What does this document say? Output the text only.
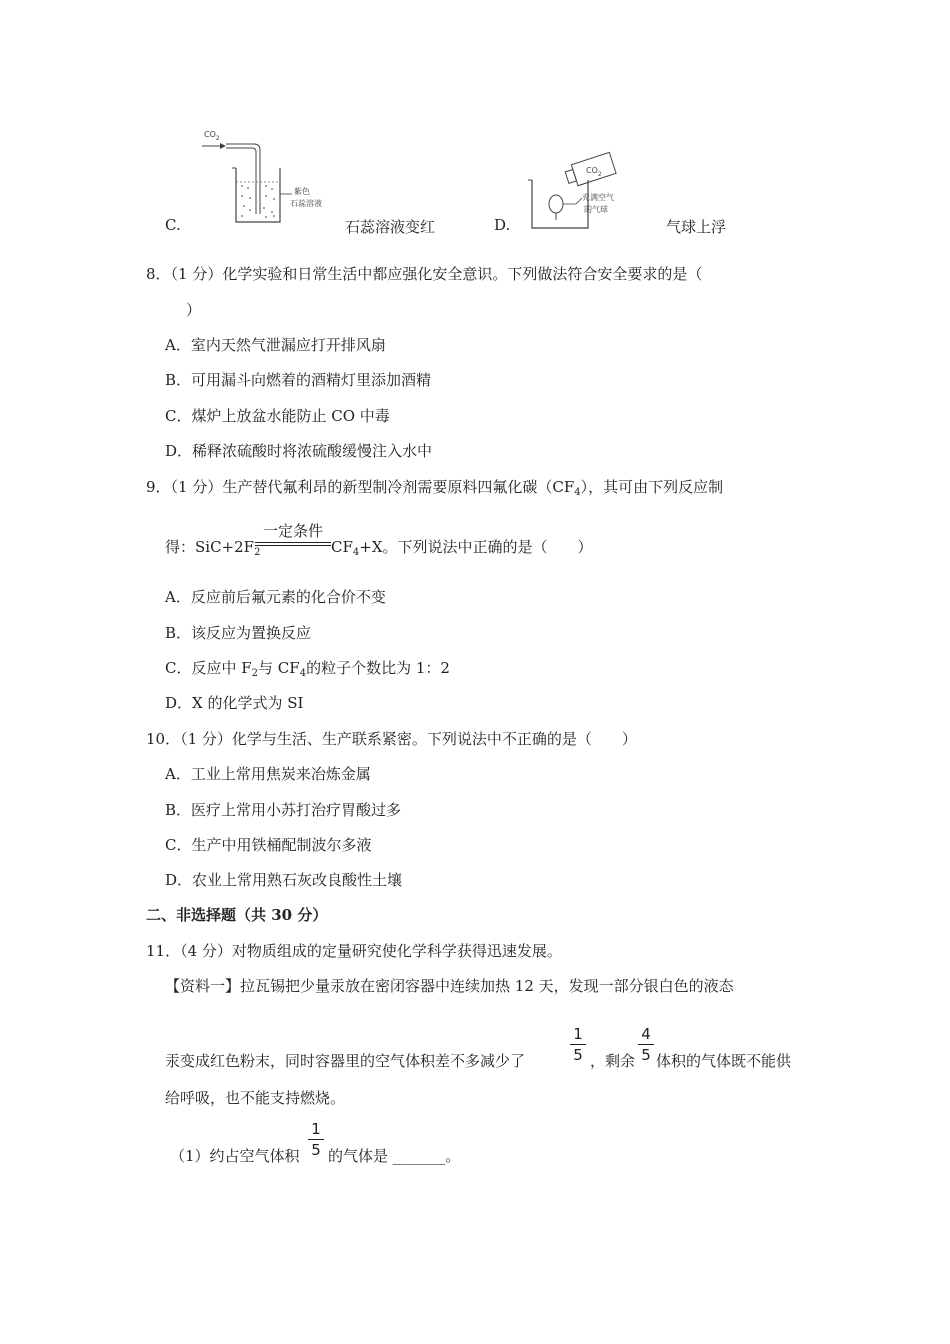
C.
$CO_2$
紫色
石蕊溶液
石蕊溶液变红	D.
$CO_2$
充满空气
的气球
气球上浮
8．（1 分）化学实验和日常生活中都应强化安全意识。下列做法符合安全要求的是（
）
A．室内天然气泄漏应打开排风扇
B．可用漏斗向燃着的酒精灯里添加酒精
C．煤炉上放盆水能防止 CO 中毒
D．稀释浓硫酸时将浓硫酸缓慢注入水中
9．（1 分）生产替代氟利昂的新型制冷剂需要原料四氟化碳$(CF_4)$，其可由下列反应制
得：$SiC+2F_2$
一定条件
$CF_4+X$。下列说法中正确的是（　　）
A．反应前后氟元素的化合价不变
B．该反应为置换反应
C．反应中 $F_2$与 $CF_4$的粒子个数比为 1：2
D．X 的化学式为 SI
10．（1 分）化学与生活、生产联系紧密。下列说法中不正确的是（　　）
A．工业上常用焦炭来冶炼金属
B．医疗上常用小苏打治疗胃酸过多
C．生产中用铁桶配制波尔多液
D．农业上常用熟石灰改良酸性土壤
二、非选择题（共 30 分）
11．（4 分）对物质组成的定量研究使化学科学获得迅速发展。
【资料一】拉瓦锡把少量汞放在密闭容器中连续加热 12 天，发现一部分银白色的液态
汞变成红色粉末，同时容器里的空气体积差不多减少了
1
5 ，剩余
4
5 体积的气体既不能供
给呼吸，也不能支持燃烧。
（1）约占空气体积
1
5 的气体是 _______。
